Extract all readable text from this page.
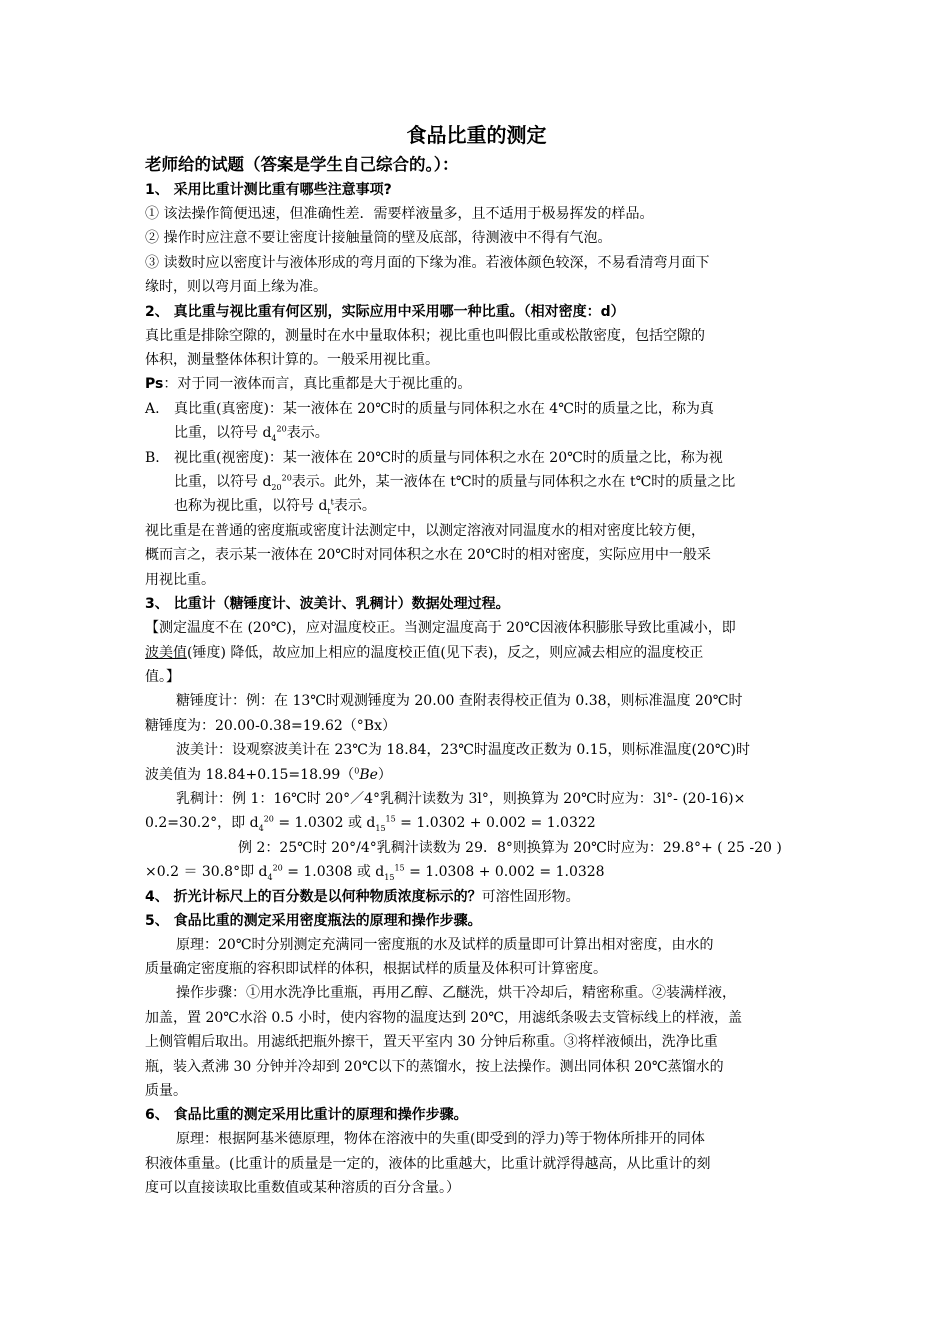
食品比重的测定
老师给的试题（答案是学生自己综合的。）：
1、 采用比重计测比重有哪些注意事项?
① 该法操作简便迅速，但准确性差．需要样液量多，且不适用于极易挥发的样品。
② 操作时应注意不要让密度计接触量筒的壁及底部，待测液中不得有气泡。
③ 读数时应以密度计与液体形成的弯月面的下缘为准。若液体颜色较深，不易看清弯月面下
缘时，则以弯月面上缘为准。
2、 真比重与视比重有何区别，实际应用中采用哪一种比重。（相对密度：d）
真比重是排除空隙的，测量时在水中量取体积；视比重也叫假比重或松散密度，包括空隙的
体积，测量整体体积计算的。一般采用视比重。
Ps：对于同一液体而言，真比重都是大于视比重的。
A.	真比重(真密度)：某一液体在 20℃时的质量与同体积之水在 4℃时的质量之比，称为真
比重，以符号 $d_4^{20}$表示。
B.	视比重(视密度)：某一液体在 20℃时的质量与同体积之水在 20℃时的质量之比，称为视
比重，以符号 $d_{20}^{20}$表示。此外，某一液体在 t℃时的质量与同体积之水在 t℃时的质量之比
也称为视比重，以符号 $d_t^t$表示。
视比重是在普通的密度瓶或密度计法测定中，以测定溶液对同温度水的相对密度比较方便，
概而言之，表示某一液体在 20℃时对同体积之水在 20℃时的相对密度，实际应用中一般采
用视比重。
3、 比重计（糖锤度计、波美计、乳稠计）数据处理过程。
【测定温度不在 (20℃)，应对温度校正。当测定温度高于 20℃因液体积膨胀导致比重减小，即
波美值(锤度) 降低，故应加上相应的温度校正值(见下表)，反之，则应减去相应的温度校正
值。】
糖锤度计：例：在 13℃时观测锤度为 20.00 查附表得校正值为 0.38，则标准温度 20℃时
糖锤度为：20.00-0.38=19.62（°Bx）
波美计：设观察波美计在 23℃为 18.84，23℃时温度改正数为 0.15，则标准温度(20℃)时
波美值为 18.84+0.15=18.99（$^0$Be）
乳稠计：例 1：16℃时 20°／4°乳稠汁读数为 3l°，则换算为 20℃时应为：3l°- (20-16)×
0.2=30.2°，即 $d_4^{20} = 1.0302$ 或 $d_{15}^{15} = 1.0302 + 0.002 = 1.0322$
例 2：25℃时 20°/4°乳稠汁读数为 29．8°则换算为 20℃时应为：29.8°+ ( 25 -20 )
×0.2 ＝ 30.8°即 $d_4^{20} = 1.0308$ 或 $d_{15}^{15} = 1.0308 + 0.002 = 1.0328$
4、 折光计标尺上的百分数是以何种物质浓度标示的？可溶性固形物。
5、 食品比重的测定采用密度瓶法的原理和操作步骤。
原理：20℃时分别测定充满同一密度瓶的水及试样的质量即可计算出相对密度，由水的
质量确定密度瓶的容积即试样的体积，根据试样的质量及体积可计算密度。
操作步骤：①用水洗净比重瓶，再用乙醇、乙醚洗，烘干冷却后，精密称重。②装满样液，
加盖，置 20℃水浴 0.5 小时，使内容物的温度达到 20℃，用滤纸条吸去支管标线上的样液，盖
上侧管帽后取出。用滤纸把瓶外擦干，置天平室内 30 分钟后称重。③将样液倾出，洗净比重
瓶，装入煮沸 30 分钟并冷却到 20℃以下的蒸馏水，按上法操作。测出同体积 20℃蒸馏水的
质量。
6、 食品比重的测定采用比重计的原理和操作步骤。
原理：根据阿基米德原理，物体在溶液中的失重(即受到的浮力)等于物体所排开的同体
积液体重量。(比重计的质量是一定的，液体的比重越大，比重计就浮得越高，从比重计的刻
度可以直接读取比重数值或某种溶质的百分含量。）
